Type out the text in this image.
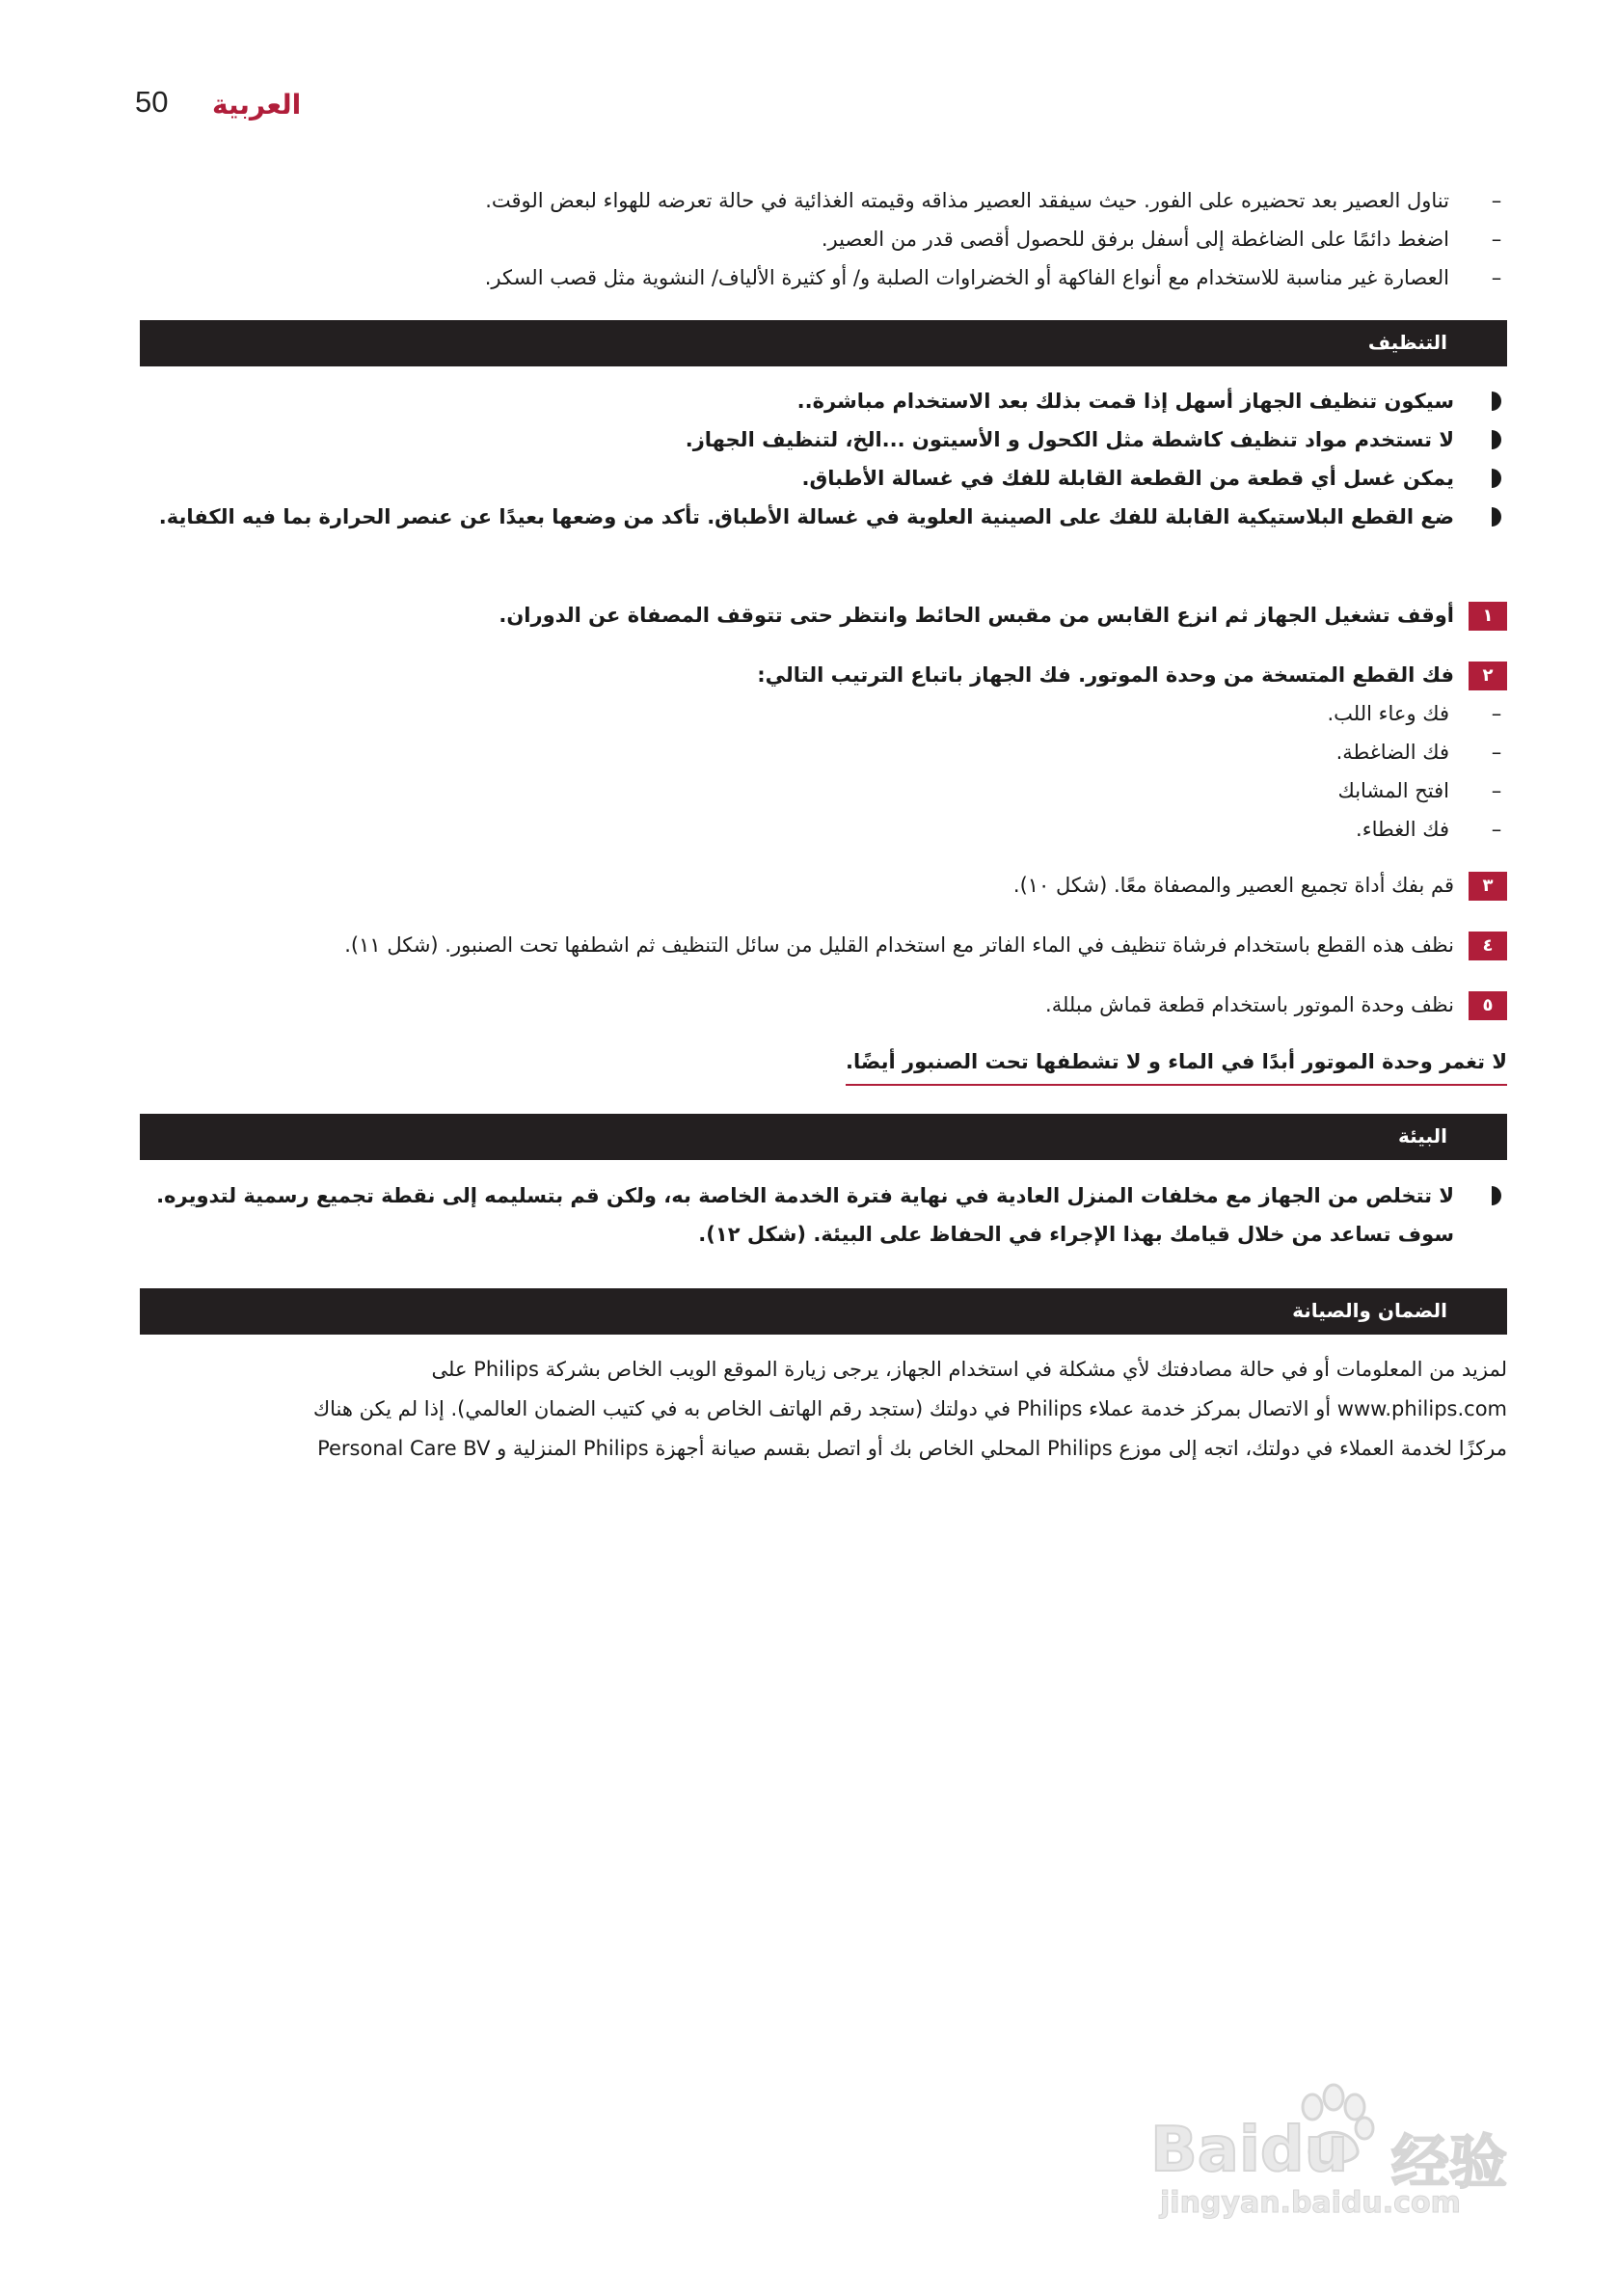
50 العربية
–
تناول العصير بعد تحضيره على الفور. حيث سيفقد العصير مذاقه وقيمته الغذائية في حالة تعرضه للهواء لبعض الوقت.
–
اضغط دائمًا على الضاغطة إلى أسفل برفق للحصول أقصى قدر من العصير.
–
العصارة غير مناسبة للاستخدام مع أنواع الفاكهة أو الخضراوات الصلبة و/ أو كثيرة الألياف/ النشوية مثل قصب السكر.
التنظيف
سيكون تنظيف الجهاز أسهل إذا قمت بذلك بعد الاستخدام مباشرة..
لا تستخدم مواد تنظيف كاشطة مثل الكحول و الأسيتون ...الخ، لتنظيف الجهاز.
يمكن غسل أي قطعة من القطعة القابلة للفك في غسالة الأطباق.
ضع القطع البلاستيكية القابلة للفك على الصينية العلوية في غسالة الأطباق. تأكد من وضعها بعيدًا عن عنصر الحرارة بما فيه الكفاية.
١
أوقف تشغيل الجهاز ثم انزع القابس من مقبس الحائط وانتظر حتى تتوقف المصفاة عن الدوران.
٢
فك القطع المتسخة من وحدة الموتور. فك الجهاز باتباع الترتيب التالي:
–
فك وعاء اللب.
–
فك الضاغطة.
–
افتح المشابك
–
فك الغطاء.
٣
قم بفك أداة تجميع العصير والمصفاة معًا. (شكل ١٠).
٤
نظف هذه القطع باستخدام فرشاة تنظيف في الماء الفاتر مع استخدام القليل من سائل التنظيف ثم اشطفها تحت الصنبور. (شكل ١١).
٥
نظف وحدة الموتور باستخدام قطعة قماش مبللة.
لا تغمر وحدة الموتور أبدًا في الماء و لا تشطفها تحت الصنبور أيضًا.
البيئة
لا تتخلص من الجهاز مع مخلفات المنزل العادية في نهاية فترة الخدمة الخاصة به، ولكن قم بتسليمه إلى نقطة تجميع رسمية لتدويره.
سوف تساعد من خلال قيامك بهذا الإجراء في الحفاظ على البيئة. (شكل ١٢).
الضمان والصيانة
لمزيد من المعلومات أو في حالة مصادفتك لأي مشكلة في استخدام الجهاز، يرجى زيارة الموقع الويب الخاص بشركة Philips على
www.philips.com أو الاتصال بمركز خدمة عملاء Philips في دولتك (ستجد رقم الهاتف الخاص به في كتيب الضمان العالمي). إذا لم يكن هناك
مركزًا لخدمة العملاء في دولتك، اتجه إلى موزع Philips المحلي الخاص بك أو اتصل بقسم صيانة أجهزة Philips المنزلية و Personal Care BV
Baidu 经验
jingyan.baidu.com
